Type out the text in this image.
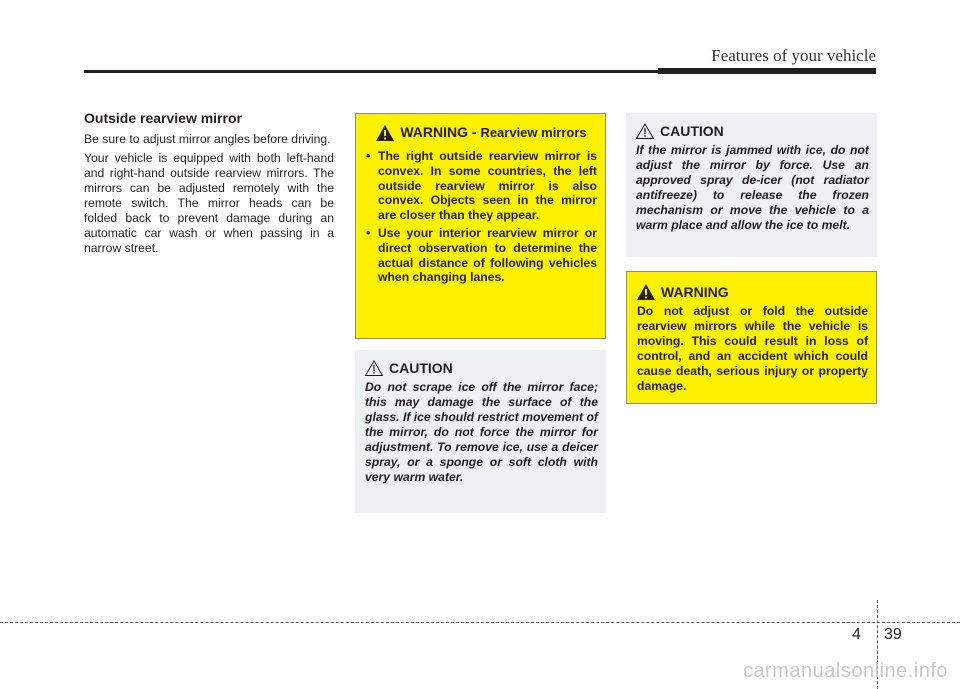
Features of your vehicle
Outside rearview mirror

Be sure to adjust mirror angles before driving.

Your vehicle is equipped with both left-hand and right-hand outside rearview mirrors. The mirrors can be adjusted remotely with the remote switch. The mirror heads can be folded back to prevent damage during an automatic car wash or when passing in a narrow street.

WARNING - Rearview mirrors
• The right outside rearview mirror is convex. In some countries, the left outside rearview mirror is also convex. Objects seen in the mirror are closer than they appear.
• Use your interior rearview mirror or direct observation to determine the actual distance of following vehicles when changing lanes.
CAUTION

Do not scrape ice off the mirror face; this may damage the surface of the glass. If ice should restrict movement of the mirror, do not force the mirror for adjustment. To remove ice, use a deicer spray, or a sponge or soft cloth with very warm water.

CAUTION

If the mirror is jammed with ice, do not adjust the mirror by force. Use an approved spray de-icer (not radiator antifreeze) to release the frozen mechanism or move the vehicle to a warm place and allow the ice to melt.

WARNING

Do not adjust or fold the outside rearview mirrors while the vehicle is moving. This could result in loss of control, and an accident which could cause death, serious injury or property damage.

4 39
carmanualsonline.info
